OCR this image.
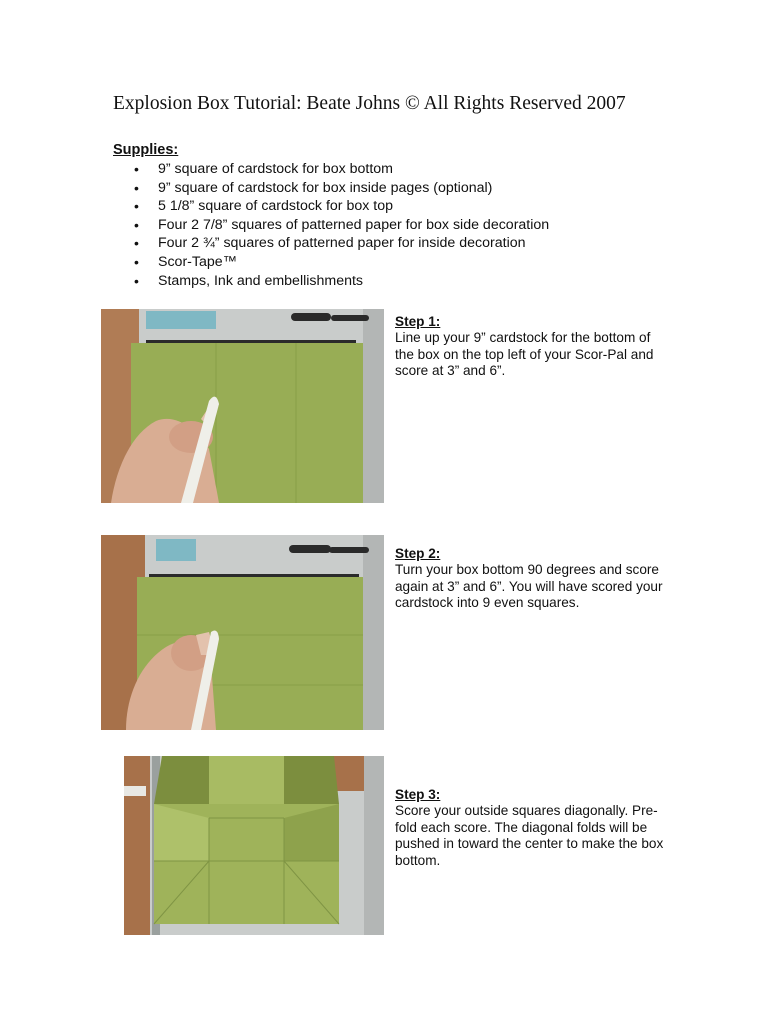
Explosion Box Tutorial: Beate Johns © All Rights Reserved 2007
Supplies:
• 9” square of cardstock for box bottom
• 9” square of cardstock for box inside pages (optional)
• 5 1/8” square of cardstock for box top
• Four 2 7/8” squares of patterned paper for box side decoration
• Four 2 ¾” squares of patterned paper for inside decoration
• Scor-Tape™
• Stamps, Ink and embellishments
Step 1:
Line up your 9” cardstock for the bottom of the box on the top left of your Scor-Pal and score at 3” and 6”.
Step 2:
Turn your box bottom 90 degrees and score again at 3” and 6”. You will have scored your cardstock into 9 even squares.
Step 3:
Score your outside squares diagonally. Pre-fold each score. The diagonal folds will be pushed in toward the center to make the box bottom.
